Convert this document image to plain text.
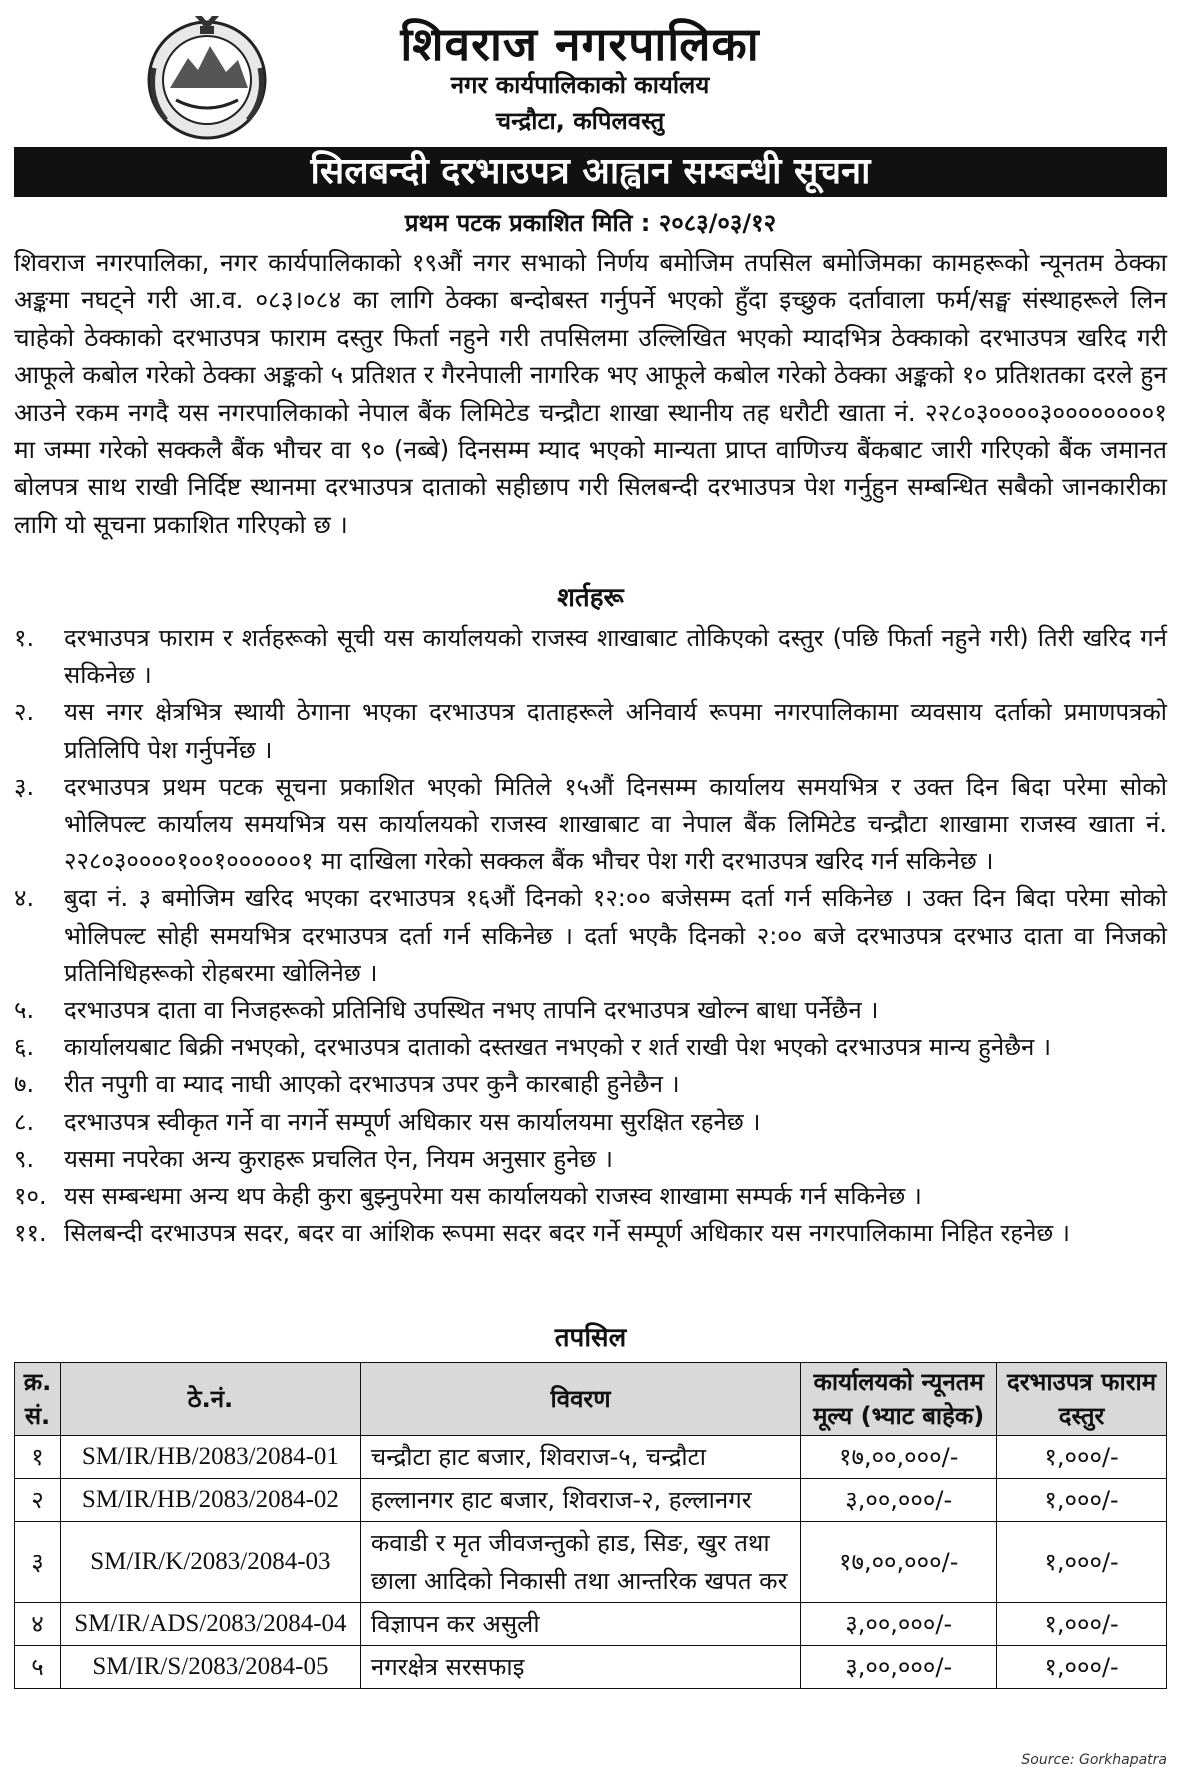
शिवराज नगरपालिका
नगर कार्यपालिकाको कार्यालय
चन्द्रौटा, कपिलवस्तु
सिलबन्दी दरभाउपत्र आह्वान सम्बन्धी सूचना
प्रथम पटक प्रकाशित मिति : २०८३/०३/१२
शिवराज नगरपालिका, नगर कार्यपालिकाको १९औं नगर सभाको निर्णय बमोजिम तपसिल बमोजिमका कामहरूको न्यूनतम ठेक्का अङ्कमा नघट्ने गरी आ.व. ०८३।०८४ का लागि ठेक्का बन्दोबस्त गर्नुपर्ने भएको हुँदा इच्छुक दर्तावाला फर्म/सङ्घ संस्थाहरूले लिन चाहेको ठेक्काको दरभाउपत्र फाराम दस्तुर फिर्ता नहुने गरी तपसिलमा उल्लिखित भएको म्यादभित्र ठेक्काको दरभाउपत्र खरिद गरी आफूले कबोल गरेको ठेक्का अङ्कको ५ प्रतिशत र गैरनेपाली नागरिक भए आफूले कबोल गरेको ठेक्का अङ्कको १० प्रतिशतका दरले हुन आउने रकम नगदै यस नगरपालिकाको नेपाल बैंक लिमिटेड चन्द्रौटा शाखा स्थानीय तह धरौटी खाता नं. २२८०३००००३००००००००१ मा जम्मा गरेको सक्कलै बैंक भौचर वा ९० (नब्बे) दिनसम्म म्याद भएको मान्यता प्राप्त वाणिज्य बैंकबाट जारी गरिएको बैंक जमानत बोलपत्र साथ राखी निर्दिष्ट स्थानमा दरभाउपत्र दाताको सहीछाप गरी सिलबन्दी दरभाउपत्र पेश गर्नुहुन सम्बन्धित सबैको जानकारीका लागि यो सूचना प्रकाशित गरिएको छ ।
शर्तहरू
१.	दरभाउपत्र फाराम र शर्तहरूको सूची यस कार्यालयको राजस्व शाखाबाट तोकिएको दस्तुर (पछि फिर्ता नहुने गरी) तिरी खरिद गर्न सकिनेछ ।
२.	यस नगर क्षेत्रभित्र स्थायी ठेगाना भएका दरभाउपत्र दाताहरूले अनिवार्य रूपमा नगरपालिकामा व्यवसाय दर्ताको प्रमाणपत्रको प्रतिलिपि पेश गर्नुपर्नेछ ।
३.	दरभाउपत्र प्रथम पटक सूचना प्रकाशित भएको मितिले १५औं दिनसम्म कार्यालय समयभित्र र उक्त दिन बिदा परेमा सोको भोलिपल्ट कार्यालय समयभित्र यस कार्यालयको राजस्व शाखाबाट वा नेपाल बैंक लिमिटेड चन्द्रौटा शाखामा राजस्व खाता नं. २२८०३००००१००१००००००१ मा दाखिला गरेको सक्कल बैंक भौचर पेश गरी दरभाउपत्र खरिद गर्न सकिनेछ ।
४.	बुदा नं. ३ बमोजिम खरिद भएका दरभाउपत्र १६औं दिनको १२:०० बजेसम्म दर्ता गर्न सकिनेछ । उक्त दिन बिदा परेमा सोको भोलिपल्ट सोही समयभित्र दरभाउपत्र दर्ता गर्न सकिनेछ । दर्ता भएकै दिनको २:०० बजे दरभाउपत्र दरभाउ दाता वा निजको प्रतिनिधिहरूको रोहबरमा खोलिनेछ ।
५.	दरभाउपत्र दाता वा निजहरूको प्रतिनिधि उपस्थित नभए तापनि दरभाउपत्र खोल्न बाधा पर्नेछैन ।
६.	कार्यालयबाट बिक्री नभएको, दरभाउपत्र दाताको दस्तखत नभएको र शर्त राखी पेश भएको दरभाउपत्र मान्य हुनेछैन ।
७.	रीत नपुगी वा म्याद नाघी आएको दरभाउपत्र उपर कुनै कारबाही हुनेछैन ।
८.	दरभाउपत्र स्वीकृत गर्ने वा नगर्ने सम्पूर्ण अधिकार यस कार्यालयमा सुरक्षित रहनेछ ।
९.	यसमा नपरेका अन्य कुराहरू प्रचलित ऐन, नियम अनुसार हुनेछ ।
१०. यस सम्बन्धमा अन्य थप केही कुरा बुझ्नुपरेमा यस कार्यालयको राजस्व शाखामा सम्पर्क गर्न सकिनेछ ।
११. सिलबन्दी दरभाउपत्र सदर, बदर वा आंशिक रूपमा सदर बदर गर्ने सम्पूर्ण अधिकार यस नगरपालिकामा निहित रहनेछ ।
तपसिल
क्र. सं.	ठे.नं.	विवरण	कार्यालयको न्यूनतम मूल्य (भ्याट बाहेक)	दरभाउपत्र फाराम दस्तुर
१	SM/IR/HB/2083/2084-01	चन्द्रौटा हाट बजार, शिवराज-५, चन्द्रौटा	१७,००,०००/-	१,०००/-
२	SM/IR/HB/2083/2084-02	हल्लानगर हाट बजार, शिवराज-२, हल्लानगर	३,००,०००/-	१,०००/-
३	SM/IR/K/2083/2084-03	कवाडी र मृत जीवजन्तुको हाड, सिङ, खुर तथा छाला आदिको निकासी तथा आन्तरिक खपत कर	१७,००,०००/-	१,०००/-
४	SM/IR/ADS/2083/2084-04	विज्ञापन कर असुली	३,००,०००/-	१,०००/-
५	SM/IR/S/2083/2084-05	नगरक्षेत्र सरसफाइ	३,००,०००/-	१,०००/-
Source: Gorkhapatra
